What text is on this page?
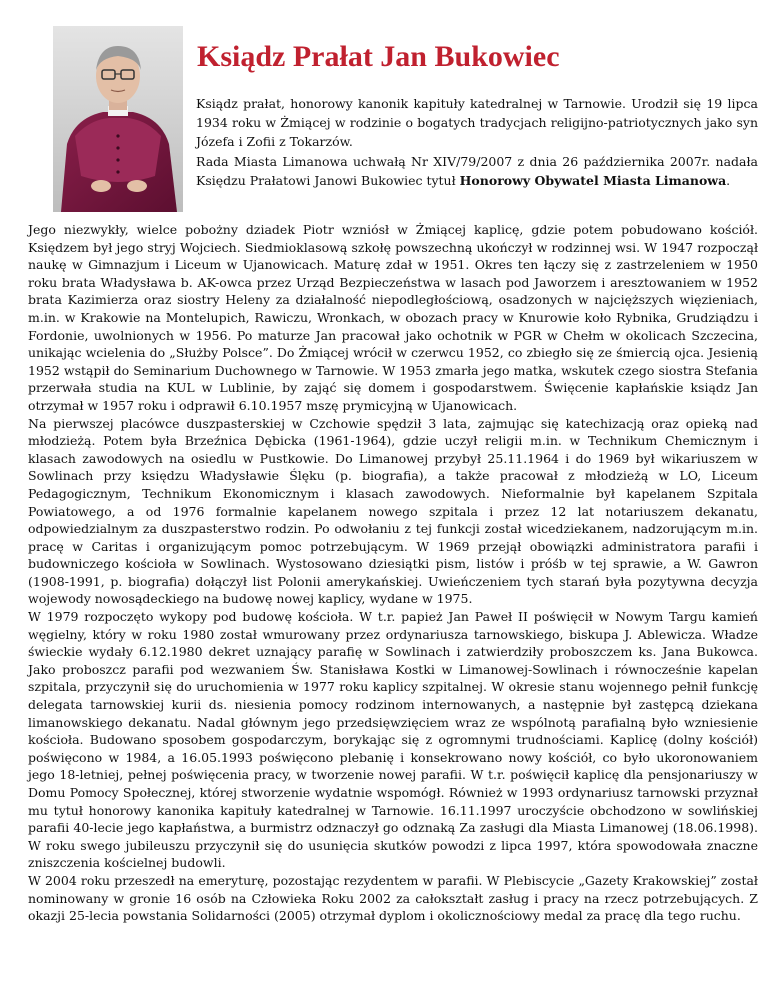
Ksiądz Prałat Jan Bukowiec

Ksiądz prałat, honorowy kanonik kapituły katedralnej w Tarnowie. Urodził się 19 lipca 1934 roku w Żmiącej w rodzinie o bogatych tradycjach religijno-patriotycznych jako syn Józefa i Zofii z Tokarzów.

Rada Miasta Limanowa uchwałą Nr XIV/79/2007 z dnia 26 października 2007r. nadała Księdzu Prałatowi Janowi Bukowiec tytuł Honorowy Obywatel Miasta Limanowa.

Jego niezwykły, wielce pobożny dziadek Piotr wzniósł w Żmiącej kaplicę, gdzie potem pobudowano kościół. Księdzem był jego stryj Wojciech. Siedmioklasową szkołę powszechną ukończył w rodzinnej wsi. W 1947 rozpoczął naukę w Gimnazjum i Liceum w Ujanowicach. Maturę zdał w 1951. Okres ten łączy się z zastrzeleniem w 1950 roku brata Władysława b. AK-owca przez Urząd Bezpieczeństwa w lasach pod Jaworzem i aresztowaniem w 1952 brata Kazimierza oraz siostry Heleny za działalność niepodległościową, osadzonych w najcięższych więzieniach, m.in. w Krakowie na Montelupich, Rawiczu, Wronkach, w obozach pracy w Knurowie koło Rybnika, Grudziądzu i Fordonie, uwolnionych w 1956. Po maturze Jan pracował jako ochotnik w PGR w Chełm w okolicach Szczecina, unikając wcielenia do „Służby Polsce”. Do Żmiącej wrócił w czerwcu 1952, co zbiegło się ze śmiercią ojca. Jesienią 1952 wstąpił do Seminarium Duchownego w Tarnowie. W 1953 zmarła jego matka, wskutek czego siostra Stefania przerwała studia na KUL w Lublinie, by zająć się domem i gospodarstwem. Święcenie kapłańskie ksiądz Jan otrzymał w 1957 roku i odprawił 6.10.1957 mszę prymicyjną w Ujanowicach.

Na pierwszej placówce duszpasterskiej w Czchowie spędził 3 lata, zajmując się katechizacją oraz opieką nad młodzieżą. Potem była Brzeźnica Dębicka (1961-1964), gdzie uczył religii m.in. w Technikum Chemicznym i klasach zawodowych na osiedlu w Pustkowie. Do Limanowej przybył 25.11.1964 i do 1969 był wikariuszem w Sowlinach przy księdzu Władysławie Ślęku (p. biografia), a także pracował z młodzieżą w LO, Liceum Pedagogicznym, Technikum Ekonomicznym i klasach zawodowych. Nieformalnie był kapelanem Szpitala Powiatowego, a od 1976 formalnie kapelanem nowego szpitala i przez 12 lat notariuszem dekanatu, odpowiedzialnym za duszpasterstwo rodzin. Po odwołaniu z tej funkcji został wicedziekanem, nadzorującym m.in. pracę w Caritas i organizującym pomoc potrzebującym. W 1969 przejął obowiązki administratora parafii i budowniczego kościoła w Sowlinach. Wystosowano dziesiątki pism, listów i próśb w tej sprawie, a W. Gawron (1908-1991, p. biografia) dołączył list Polonii amerykańskiej. Uwieńczeniem tych starań była pozytywna decyzja wojewody nowosądeckiego na budowę nowej kaplicy, wydane w 1975.

W 1979 rozpoczęto wykopy pod budowę kościoła. W t.r. papież Jan Paweł II poświęcił w Nowym Targu kamień węgielny, który w roku 1980 został wmurowany przez ordynariusza tarnowskiego, biskupa J. Ablewicza. Władze świeckie wydały 6.12.1980 dekret uznający parafię w Sowlinach i zatwierdziły proboszczem ks. Jana Bukowca. Jako proboszcz parafii pod wezwaniem Św. Stanisława Kostki w Limanowej-Sowlinach i równocześnie kapelan szpitala, przyczynił się do uruchomienia w 1977 roku kaplicy szpitalnej. W okresie stanu wojennego pełnił funkcję delegata tarnowskiej kurii ds. niesienia pomocy rodzinom internowanych, a następnie był zastępcą dziekana limanowskiego dekanatu. Nadal głównym jego przedsięwzięciem wraz ze wspólnotą parafialną było wzniesienie kościoła. Budowano sposobem gospodarczym, borykając się z ogromnymi trudnościami. Kaplicę (dolny kościół) poświęcono w 1984, a 16.05.1993 poświęcono plebanię i konsekrowano nowy kościół, co było ukoronowaniem jego 18-letniej, pełnej poświęcenia pracy, w tworzenie nowej parafii. W t.r. poświęcił kaplicę dla pensjonariuszy w Domu Pomocy Społecznej, której stworzenie wydatnie wspomógł. Również w 1993 ordynariusz tarnowski przyznał mu tytuł honorowy kanonika kapituły katedralnej w Tarnowie. 16.11.1997 uroczyście obchodzono w sowlińskiej parafii 40-lecie jego kapłaństwa, a burmistrz odznaczył go odznaką Za zasługi dla Miasta Limanowej (18.06.1998). W roku swego jubileuszu przyczynił się do usunięcia skutków powodzi z lipca 1997, która spowodowała znaczne zniszczenia kościelnej budowli.

W 2004 roku przeszedł na emeryturę, pozostając rezydentem w parafii. W Plebiscycie „Gazety Krakowskiej” został nominowany w gronie 16 osób na Człowieka Roku 2002 za całokształt zasług i pracy na rzecz potrzebujących. Z okazji 25-lecia powstania Solidarności (2005) otrzymał dyplom i okolicznościowy medal za pracę dla tego ruchu.
